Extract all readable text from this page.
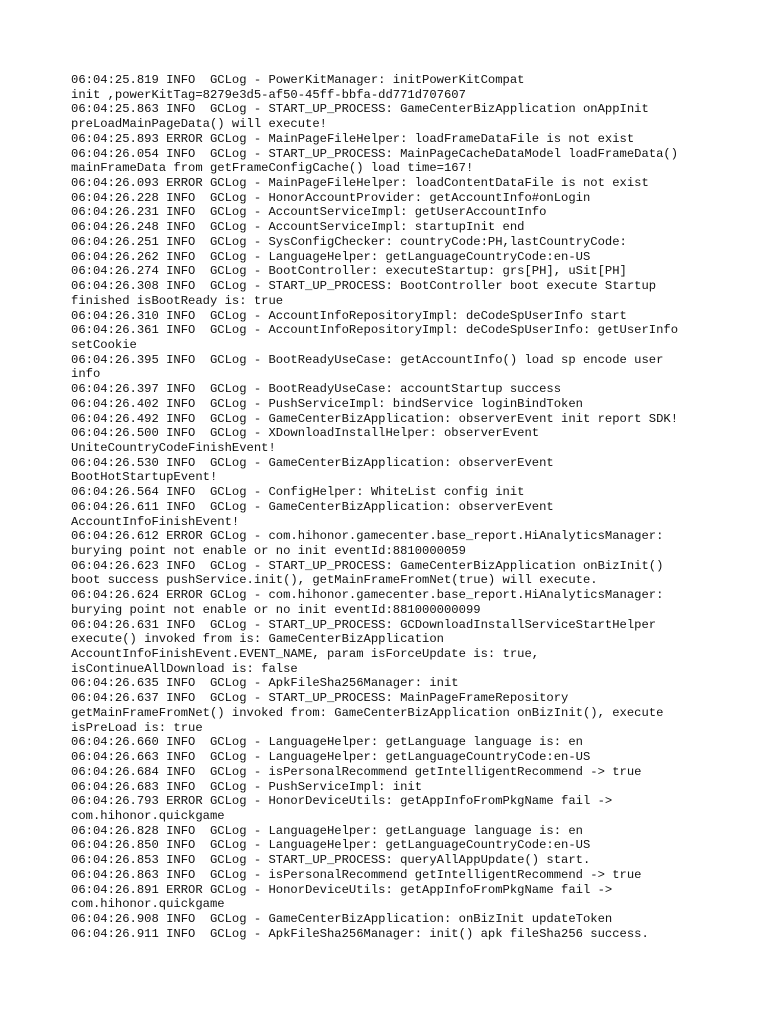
06:04:25.819 INFO  GCLog - PowerKitManager: initPowerKitCompat
init ,powerKitTag=8279e3d5-af50-45ff-bbfa-dd771d707607
06:04:25.863 INFO  GCLog - START_UP_PROCESS: GameCenterBizApplication onAppInit
preLoadMainPageData() will execute!
06:04:25.893 ERROR GCLog - MainPageFileHelper: loadFrameDataFile is not exist
06:04:26.054 INFO  GCLog - START_UP_PROCESS: MainPageCacheDataModel loadFrameData()
mainFrameData from getFrameConfigCache() load time=167!
06:04:26.093 ERROR GCLog - MainPageFileHelper: loadContentDataFile is not exist
06:04:26.228 INFO  GCLog - HonorAccountProvider: getAccountInfo#onLogin
06:04:26.231 INFO  GCLog - AccountServiceImpl: getUserAccountInfo
06:04:26.248 INFO  GCLog - AccountServiceImpl: startupInit end
06:04:26.251 INFO  GCLog - SysConfigChecker: countryCode:PH,lastCountryCode:
06:04:26.262 INFO  GCLog - LanguageHelper: getLanguageCountryCode:en-US
06:04:26.274 INFO  GCLog - BootController: executeStartup: grs[PH], uSit[PH]
06:04:26.308 INFO  GCLog - START_UP_PROCESS: BootController boot execute Startup
finished isBootReady is: true
06:04:26.310 INFO  GCLog - AccountInfoRepositoryImpl: deCodeSpUserInfo start
06:04:26.361 INFO  GCLog - AccountInfoRepositoryImpl: deCodeSpUserInfo: getUserInfo
setCookie
06:04:26.395 INFO  GCLog - BootReadyUseCase: getAccountInfo() load sp encode user
info
06:04:26.397 INFO  GCLog - BootReadyUseCase: accountStartup success
06:04:26.402 INFO  GCLog - PushServiceImpl: bindService loginBindToken
06:04:26.492 INFO  GCLog - GameCenterBizApplication: observerEvent init report SDK!
06:04:26.500 INFO  GCLog - XDownloadInstallHelper: observerEvent
UniteCountryCodeFinishEvent!
06:04:26.530 INFO  GCLog - GameCenterBizApplication: observerEvent
BootHotStartupEvent!
06:04:26.564 INFO  GCLog - ConfigHelper: WhiteList config init
06:04:26.611 INFO  GCLog - GameCenterBizApplication: observerEvent
AccountInfoFinishEvent!
06:04:26.612 ERROR GCLog - com.hihonor.gamecenter.base_report.HiAnalyticsManager:
burying point not enable or no init eventId:8810000059
06:04:26.623 INFO  GCLog - START_UP_PROCESS: GameCenterBizApplication onBizInit()
boot success pushService.init(), getMainFrameFromNet(true) will execute.
06:04:26.624 ERROR GCLog - com.hihonor.gamecenter.base_report.HiAnalyticsManager:
burying point not enable or no init eventId:881000000099
06:04:26.631 INFO  GCLog - START_UP_PROCESS: GCDownloadInstallServiceStartHelper
execute() invoked from is: GameCenterBizApplication
AccountInfoFinishEvent.EVENT_NAME, param isForceUpdate is: true,
isContinueAllDownload is: false
06:04:26.635 INFO  GCLog - ApkFileSha256Manager: init
06:04:26.637 INFO  GCLog - START_UP_PROCESS: MainPageFrameRepository
getMainFrameFromNet() invoked from: GameCenterBizApplication onBizInit(), execute
isPreLoad is: true
06:04:26.660 INFO  GCLog - LanguageHelper: getLanguage language is: en
06:04:26.663 INFO  GCLog - LanguageHelper: getLanguageCountryCode:en-US
06:04:26.684 INFO  GCLog - isPersonalRecommend getIntelligentRecommend -> true
06:04:26.683 INFO  GCLog - PushServiceImpl: init
06:04:26.793 ERROR GCLog - HonorDeviceUtils: getAppInfoFromPkgName fail ->
com.hihonor.quickgame
06:04:26.828 INFO  GCLog - LanguageHelper: getLanguage language is: en
06:04:26.850 INFO  GCLog - LanguageHelper: getLanguageCountryCode:en-US
06:04:26.853 INFO  GCLog - START_UP_PROCESS: queryAllAppUpdate() start.
06:04:26.863 INFO  GCLog - isPersonalRecommend getIntelligentRecommend -> true
06:04:26.891 ERROR GCLog - HonorDeviceUtils: getAppInfoFromPkgName fail ->
com.hihonor.quickgame
06:04:26.908 INFO  GCLog - GameCenterBizApplication: onBizInit updateToken
06:04:26.911 INFO  GCLog - ApkFileSha256Manager: init() apk fileSha256 success.
